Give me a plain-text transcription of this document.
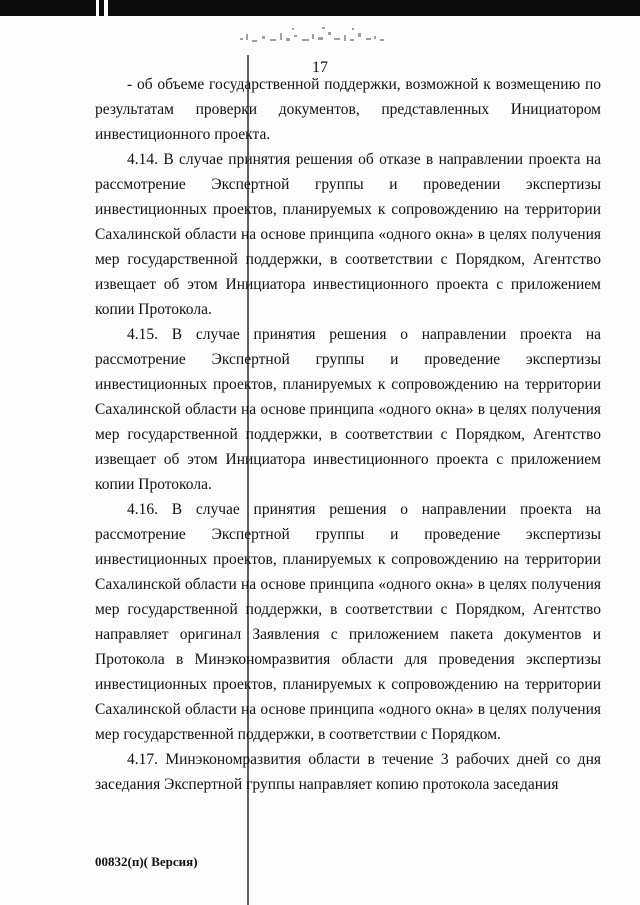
17

- об объеме государственной поддержки, возможной к возмещению по результатам проверки документов, представленных Инициатором инвестиционного проекта.

4.14. В случае принятия решения об отказе в направлении проекта на рассмотрение Экспертной группы и проведении экспертизы инвестиционных проектов, планируемых к сопровождению на территории Сахалинской области на основе принципа «одного окна» в целях получения мер государственной поддержки, в соответствии с Порядком, Агентство извещает об этом Инициатора инвестиционного проекта с приложением копии Протокола.

4.15. В случае принятия решения о направлении проекта на рассмотрение Экспертной группы и проведение экспертизы инвестиционных проектов, планируемых к сопровождению на территории Сахалинской области на основе принципа «одного окна» в целях получения мер государственной поддержки, в соответствии с Порядком, Агентство извещает об этом Инициатора инвестиционного проекта с приложением копии Протокола.

4.16. В случае принятия решения о направлении проекта на рассмотрение Экспертной группы и проведение экспертизы инвестиционных проектов, планируемых к сопровождению на территории Сахалинской области на основе принципа «одного окна» в целях получения мер государственной поддержки, в соответствии с Порядком, Агентство направляет оригинал Заявления с приложением пакета документов и Протокола в Минэкономразвития области для проведения экспертизы инвестиционных проектов, планируемых к сопровождению на территории Сахалинской области на основе принципа «одного окна» в целях получения мер государственной поддержки, в соответствии с Порядком.

4.17. Минэкономразвития области в течение 3 рабочих дней со дня заседания Экспертной группы направляет копию протокола заседания

00832(п)( Версия)
